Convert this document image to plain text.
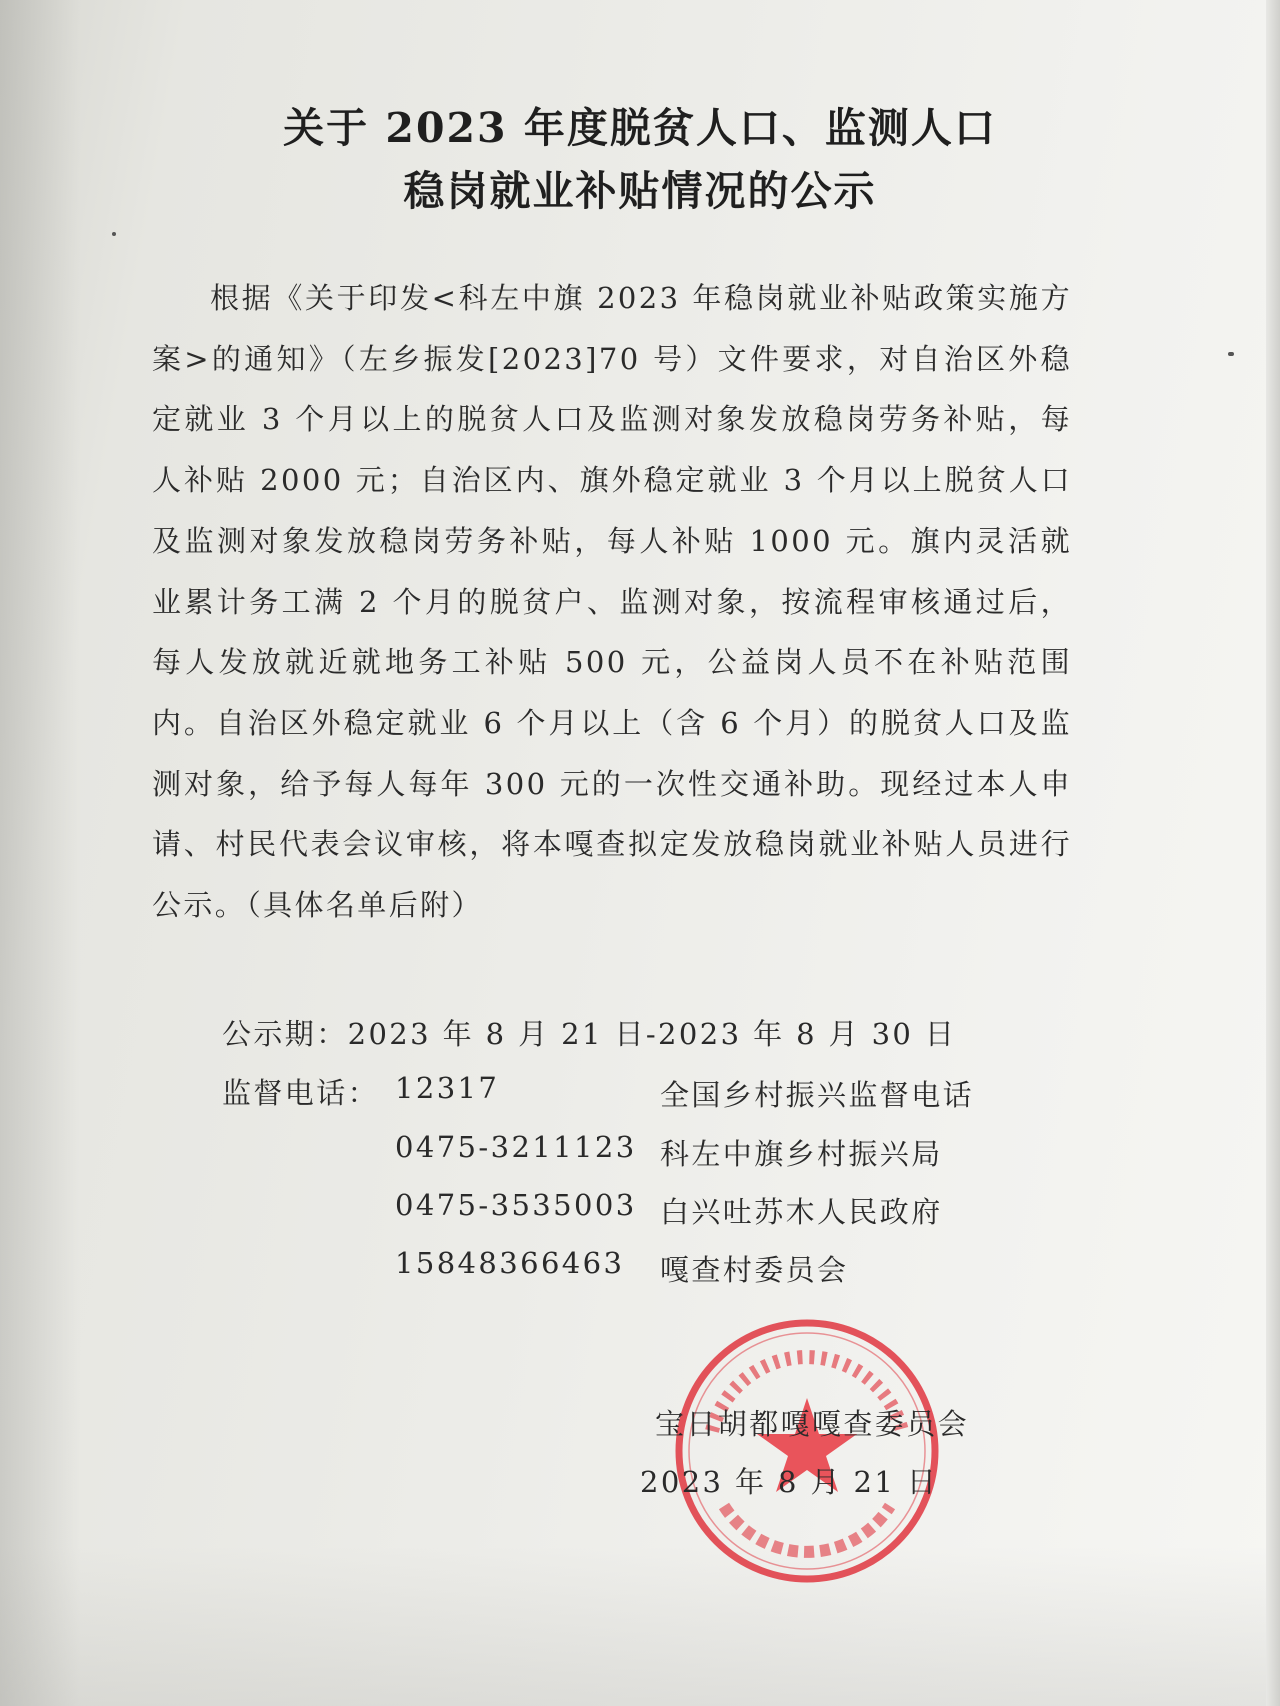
关于 2023 年度脱贫人口、监测人口
稳岗就业补贴情况的公示
根据《关于印发<科左中旗 2023 年稳岗就业补贴政策实施方案>的通知》（左乡振发[2023]70 号）文件要求，对自治区外稳定就业 3 个月以上的脱贫人口及监测对象发放稳岗劳务补贴，每人补贴 2000 元；自治区内、旗外稳定就业 3 个月以上脱贫人口及监测对象发放稳岗劳务补贴，每人补贴 1000 元。旗内灵活就业累计务工满 2 个月的脱贫户、监测对象，按流程审核通过后，每人发放就近就地务工补贴 500 元，公益岗人员不在补贴范围内。自治区外稳定就业 6 个月以上（含 6 个月）的脱贫人口及监测对象，给予每人每年 300 元的一次性交通补助。现经过本人申请、村民代表会议审核，将本嘎查拟定发放稳岗就业补贴人员进行公示。（具体名单后附）
公示期：2023 年 8 月 21 日-2023 年 8 月 30 日
监督电话： 12317	全国乡村振兴监督电话
0475-3211123 科左中旗乡村振兴局
0475-3535003 白兴吐苏木人民政府
15848366463 嘎查村委员会
宝日胡都嘎嘎查委员会
2023 年 8 月 21 日
